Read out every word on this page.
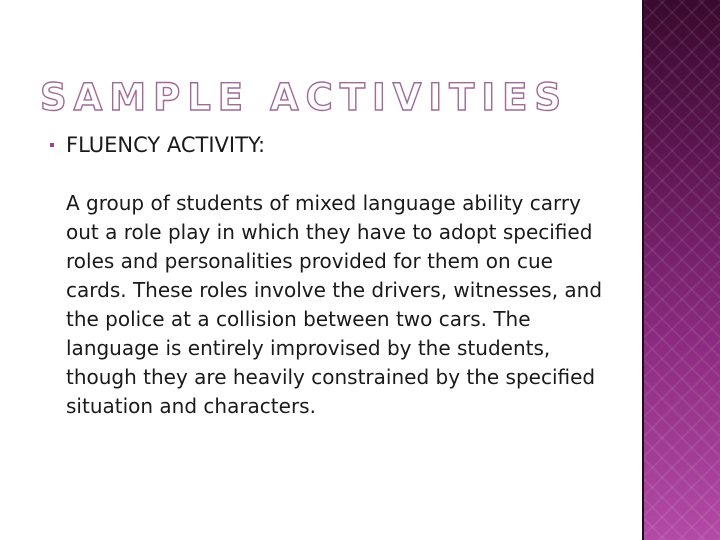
SAMPLE ACTIVITIES

FLUENCY ACTIVITY:

A group of students of mixed language ability carry out a role play in which they have to adopt specified roles and personalities provided for them on cue cards. These roles involve the drivers, witnesses, and the police at a collision between two cars. The language is entirely improvised by the students, though they are heavily constrained by the specified situation and characters.
